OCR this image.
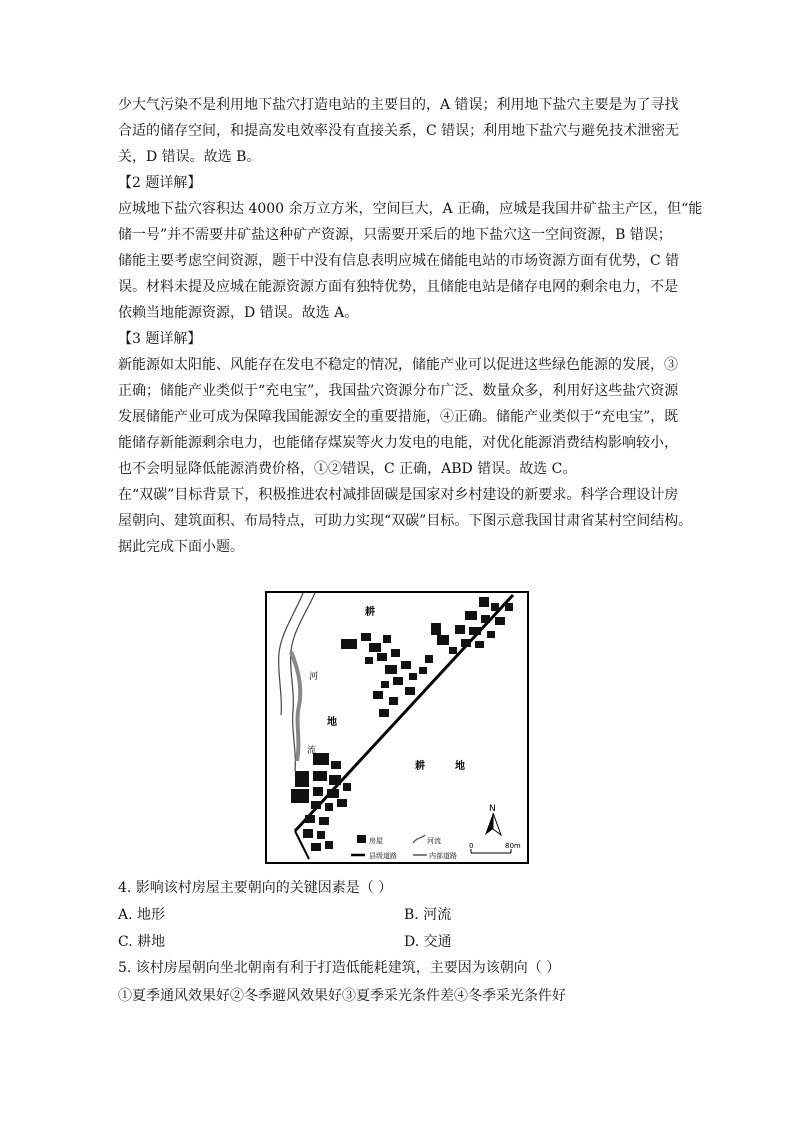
少大气污染不是利用地下盐穴打造电站的主要目的，A 错误；利用地下盐穴主要是为了寻找
合适的储存空间，和提高发电效率没有直接关系，C 错误；利用地下盐穴与避免技术泄密无
关，D 错误。故选 B。
【2 题详解】
应城地下盐穴容积达 4000 余万立方米，空间巨大，A 正确，应城是我国井矿盐主产区，但“能
储一号”并不需要井矿盐这种矿产资源，只需要开采后的地下盐穴这一空间资源，B 错误；
储能主要考虑空间资源，题干中没有信息表明应城在储能电站的市场资源方面有优势，C 错
误。材料未提及应城在能源资源方面有独特优势，且储能电站是储存电网的剩余电力，不是
依赖当地能源资源，D 错误。故选 A。
【3 题详解】
新能源如太阳能、风能存在发电不稳定的情况，储能产业可以促进这些绿色能源的发展，③
正确；储能产业类似于“充电宝”，我国盐穴资源分布广泛、数量众多，利用好这些盐穴资源
发展储能产业可成为保障我国能源安全的重要措施，④正确。储能产业类似于“充电宝”，既
能储存新能源剩余电力，也能储存煤炭等火力发电的电能，对优化能源消费结构影响较小，
也不会明显降低能源消费价格，①②错误，C 正确，ABD 错误。故选 C。
在“双碳”目标背景下，积极推进农村减排固碳是国家对乡村建设的新要求。科学合理设计房
屋朝向、建筑面积、布局特点，可助力实现“双碳”目标。下图示意我国甘肃省某村空间结构。
据此完成下面小题。
耕
河
地
流
耕	地
N
房屋	河流
县级道路	内部道路
0	80m
4. 影响该村房屋主要朝向的关键因素是（ ）
A. 地形	B. 河流
C. 耕地	D. 交通
5. 该村房屋朝向坐北朝南有利于打造低能耗建筑，主要因为该朝向（ ）
①夏季通风效果好②冬季避风效果好③夏季采光条件差④冬季采光条件好
